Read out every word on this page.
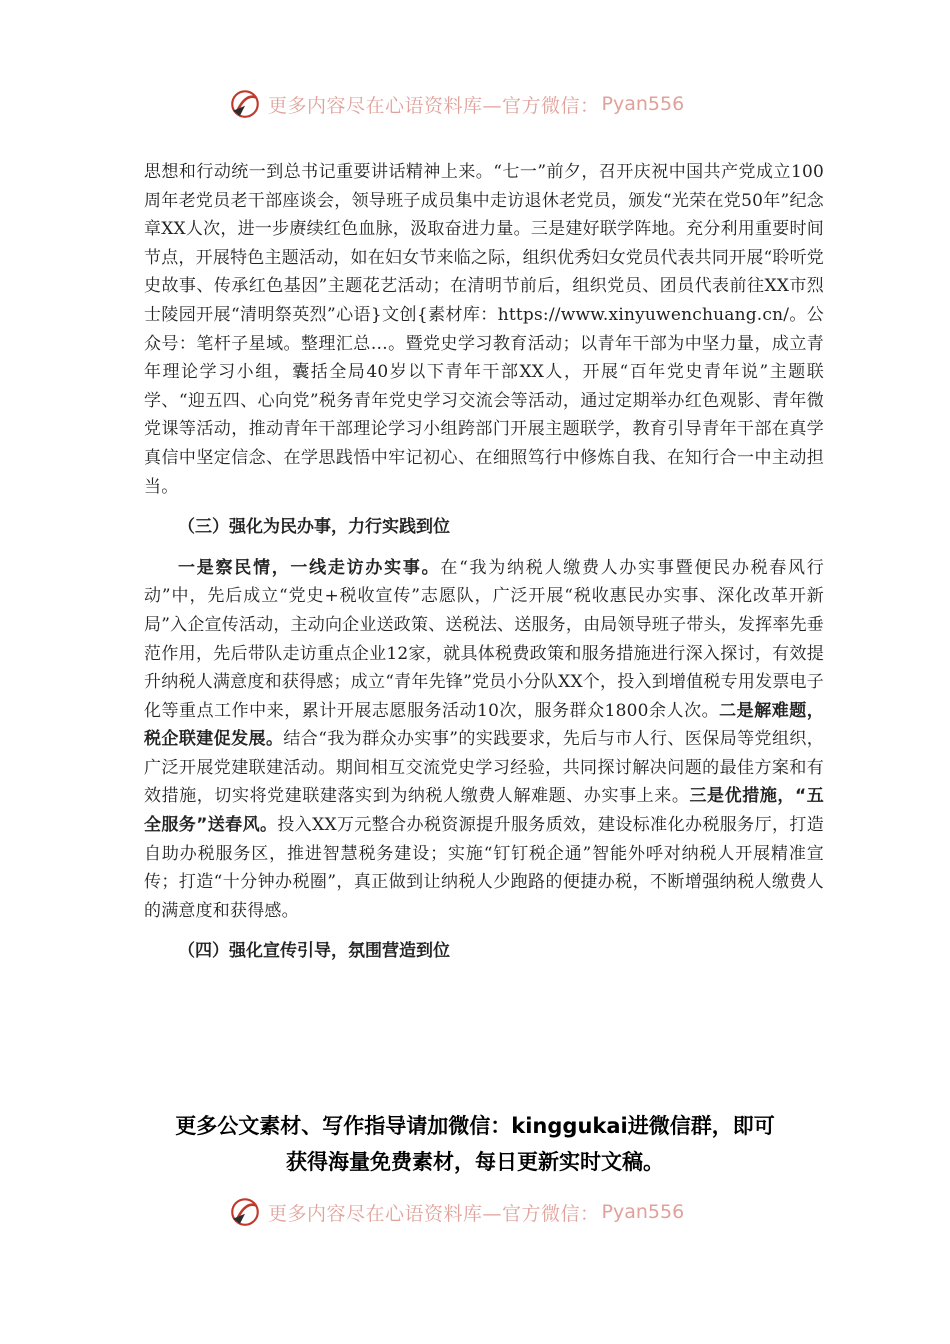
更多内容尽在心语资料库—官方微信： Pyan556

思想和行动统一到总书记重要讲话精神上来。“七一”前夕，召开庆祝中国共产党成立100周年老党员老干部座谈会，领导班子成员集中走访退休老党员，颁发“光荣在党50年”纪念章XX人次，进一步赓续红色血脉，汲取奋进力量。三是建好联学阵地。充分利用重要时间节点，开展特色主题活动，如在妇女节来临之际，组织优秀妇女党员代表共同开展“聆听党史故事、传承红色基因”主题花艺活动；在清明节前后，组织党员、团员代表前往XX市烈士陵园开展“清明祭英烈”心语}文创{素材库：https://www.xinyuwenchuang.cn/。公众号：笔杆子星域。整理汇总…。暨党史学习教育活动；以青年干部为中坚力量，成立青年理论学习小组，囊括全局40岁以下青年干部XX人，开展“百年党史青年说”主题联学、“迎五四、心向党”税务青年党史学习交流会等活动，通过定期举办红色观影、青年微党课等活动，推动青年干部理论学习小组跨部门开展主题联学，教育引导青年干部在真学真信中坚定信念、在学思践悟中牢记初心、在细照笃行中修炼自我、在知行合一中主动担当。

（三）强化为民办事，力行实践到位

一是察民情，一线走访办实事。在“我为纳税人缴费人办实事暨便民办税春风行动”中，先后成立“党史+税收宣传”志愿队，广泛开展“税收惠民办实事、深化改革开新局”入企宣传活动，主动向企业送政策、送税法、送服务，由局领导班子带头，发挥率先垂范作用，先后带队走访重点企业12家，就具体税费政策和服务措施进行深入探讨，有效提升纳税人满意度和获得感；成立“青年先锋”党员小分队XX个，投入到增值税专用发票电子化等重点工作中来，累计开展志愿服务活动10次，服务群众1800余人次。二是解难题，税企联建促发展。结合“我为群众办实事”的实践要求，先后与市人行、医保局等党组织，广泛开展党建联建活动。期间相互交流党史学习经验，共同探讨解决问题的最佳方案和有效措施，切实将党建联建落实到为纳税人缴费人解难题、办实事上来。三是优措施，“五全服务”送春风。投入XX万元整合办税资源提升服务质效，建设标准化办税服务厅，打造自助办税服务区，推进智慧税务建设；实施“钉钉税企通”智能外呼对纳税人开展精准宣传；打造“十分钟办税圈”，真正做到让纳税人少跑路的便捷办税，不断增强纳税人缴费人的满意度和获得感。

（四）强化宣传引导，氛围营造到位
更多公文素材、写作指导请加微信：kinggukai进微信群，即可
获得海量免费素材，每日更新实时文稿。
更多内容尽在心语资料库—官方微信： Pyan556
